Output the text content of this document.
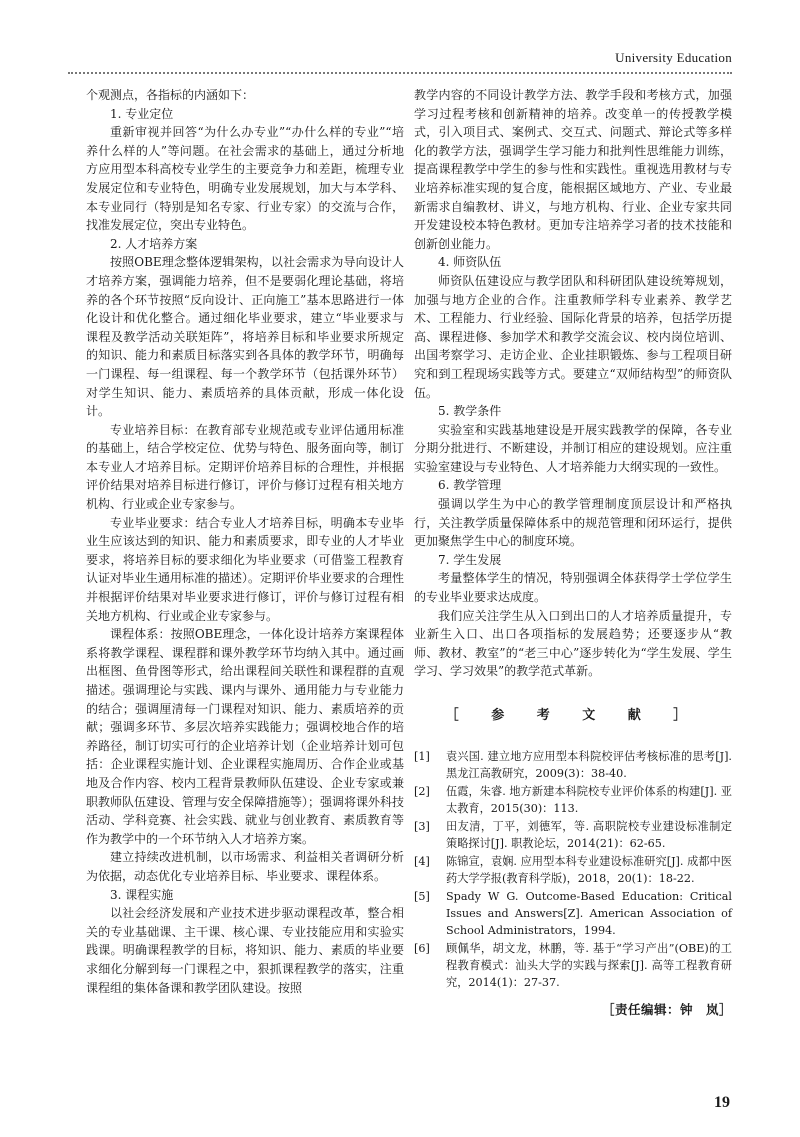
University Education

个观测点，各指标的内涵如下：

1. 专业定位

重新审视并回答“为什么办专业”“办什么样的专业”“培养什么样的人”等问题。在社会需求的基础上，通过分析地方应用型本科高校专业学生的主要竞争力和差距，梳理专业发展定位和专业特色，明确专业发展规划，加大与本学科、本专业同行（特别是知名专家、行业专家）的交流与合作，找准发展定位，突出专业特色。

2. 人才培养方案

按照OBE理念整体逻辑架构，以社会需求为导向设计人才培养方案，强调能力培养，但不是要弱化理论基础，将培养的各个环节按照“反向设计、正向施工”基本思路进行一体化设计和优化整合。通过细化毕业要求，建立“毕业要求与课程及教学活动关联矩阵”，将培养目标和毕业要求所规定的知识、能力和素质目标落实到各具体的教学环节，明确每一门课程、每一组课程、每一个教学环节（包括课外环节）对学生知识、能力、素质培养的具体贡献，形成一体化设计。

专业培养目标：在教育部专业规范或专业评估通用标准的基础上，结合学校定位、优势与特色、服务面向等，制订本专业人才培养目标。定期评价培养目标的合理性，并根据评价结果对培养目标进行修订，评价与修订过程有相关地方机构、行业或企业专家参与。

专业毕业要求：结合专业人才培养目标，明确本专业毕业生应该达到的知识、能力和素质要求，即专业的人才毕业要求，将培养目标的要求细化为毕业要求（可借鉴工程教育认证对毕业生通用标准的描述）。定期评价毕业要求的合理性并根据评价结果对毕业要求进行修订，评价与修订过程有相关地方机构、行业或企业专家参与。

课程体系：按照OBE理念，一体化设计培养方案课程体系将教学课程、课程群和课外教学环节均纳入其中。通过画出框图、鱼骨图等形式，给出课程间关联性和课程群的直观描述。强调理论与实践、课内与课外、通用能力与专业能力的结合；强调厘清每一门课程对知识、能力、素质培养的贡献；强调多环节、多层次培养实践能力；强调校地合作的培养路径，制订切实可行的企业培养计划（企业培养计划可包括：企业课程实施计划、企业课程实施周历、合作企业或基地及合作内容、校内工程背景教师队伍建设、企业专家或兼职教师队伍建设、管理与安全保障措施等）；强调将课外科技活动、学科竞赛、社会实践、就业与创业教育、素质教育等作为教学中的一个环节纳入人才培养方案。

建立持续改进机制，以市场需求、利益相关者调研分析为依据，动态优化专业培养目标、毕业要求、课程体系。

3. 课程实施

以社会经济发展和产业技术进步驱动课程改革，整合相关的专业基础课、主干课、核心课、专业技能应用和实验实践课。明确课程教学的目标，将知识、能力、素质的毕业要求细化分解到每一门课程之中，狠抓课程教学的落实，注重课程组的集体备课和教学团队建设。按照

教学内容的不同设计教学方法、教学手段和考核方式，加强学习过程考核和创新精神的培养。改变单一的传授教学模式，引入项目式、案例式、交互式、问题式、辩论式等多样化的教学方法，强调学生学习能力和批判性思维能力训练，提高课程教学中学生的参与性和实践性。重视选用教材与专业培养标准实现的复合度，能根据区域地方、产业、专业最新需求自编教材、讲义，与地方机构、行业、企业专家共同开发建设校本特色教材。更加专注培养学习者的技术技能和创新创业能力。

4. 师资队伍

师资队伍建设应与教学团队和科研团队建设统筹规划，加强与地方企业的合作。注重教师学科专业素养、教学艺术、工程能力、行业经验、国际化背景的培养，包括学历提高、课程进修、参加学术和教学交流会议、校内岗位培训、出国考察学习、走访企业、企业挂职锻炼、参与工程项目研究和到工程现场实践等方式。要建立“双师结构型”的师资队伍。

5. 教学条件

实验室和实践基地建设是开展实践教学的保障，各专业分期分批进行、不断建设，并制订相应的建设规划。应注重实验室建设与专业特色、人才培养能力大纲实现的一致性。

6. 教学管理

强调以学生为中心的教学管理制度顶层设计和严格执行，关注教学质量保障体系中的规范管理和闭环运行，提供更加聚焦学生中心的制度环境。

7. 学生发展

考量整体学生的情况，特别强调全体获得学士学位学生的专业毕业要求达成度。

我们应关注学生从入口到出口的人才培养质量提升，专业新生入口、出口各项指标的发展趋势；还要逐步从“教师、教材、教室”的“老三中心”逐步转化为“学生发展、学生学习、学习效果”的教学范式革新。

［ 参 考 文 献 ］
[1]	袁兴国. 建立地方应用型本科院校评估考核标准的思考[J]. 黑龙江高教研究，2009(3)：38-40.
[2]	伍霞，朱睿. 地方新建本科院校专业评价体系的构建[J]. 亚太教育，2015(30)：113.
[3]	田友清，丁平，刘德军，等. 高职院校专业建设标准制定策略探讨[J]. 职教论坛，2014(21)：62-65.
[4]	陈锦宣，袁娴. 应用型本科专业建设标准研究[J]. 成都中医药大学学报(教育科学版)，2018，20(1)：18-22.
[5]	Spady W G. Outcome-Based Education: Critical Issues and Answers[Z]. American Association of School Administrators，1994.
[6]	顾佩华，胡文龙，林鹏，等. 基于“学习产出”(OBE)的工程教育模式：汕头大学的实践与探索[J]. 高等工程教育研究，2014(1)：27-37.
［责任编辑：钟　岚］
19
